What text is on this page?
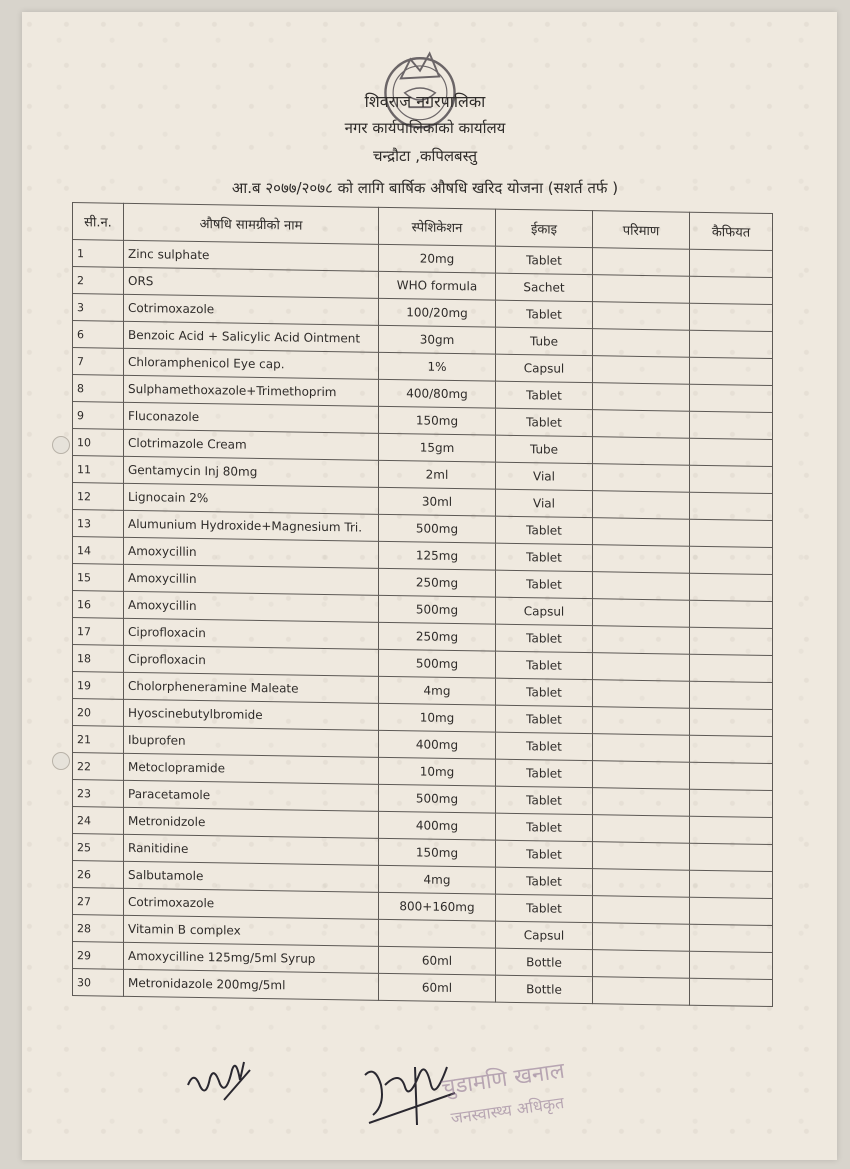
शिवराज नगरपालिका
नगर कार्यपालिकाको कार्यालय
चन्द्रौटा ,कपिलबस्तु
आ.ब २०७७/२०७८ को लागि बार्षिक औषधि खरिद योजना (सशर्त तर्फ )
सी.न.	औषधि सामग्रीको नाम	स्पेशिकेशन	ईकाइ	परिमाण	कैफियत
1	Zinc sulphate	20mg	Tablet		
2	ORS	WHO formula	Sachet		
3	Cotrimoxazole	100/20mg	Tablet		
6	Benzoic Acid + Salicylic Acid Ointment	30gm	Tube		
7	Chloramphenicol Eye cap.	1%	Capsul		
8	Sulphamethoxazole+Trimethoprim	400/80mg	Tablet		
9	Fluconazole	150mg	Tablet		
10	Clotrimazole Cream	15gm	Tube		
11	Gentamycin Inj 80mg	2ml	Vial		
12	Lignocain 2%	30ml	Vial		
13	Alumunium Hydroxide+Magnesium Tri.	500mg	Tablet		
14	Amoxycillin	125mg	Tablet		
15	Amoxycillin	250mg	Tablet		
16	Amoxycillin	500mg	Capsul		
17	Ciprofloxacin	250mg	Tablet		
18	Ciprofloxacin	500mg	Tablet		
19	Cholorpheneramine Maleate	4mg	Tablet		
20	Hyoscinebutylbromide	10mg	Tablet		
21	Ibuprofen	400mg	Tablet		
22	Metoclopramide	10mg	Tablet		
23	Paracetamole	500mg	Tablet		
24	Metronidzole	400mg	Tablet		
25	Ranitidine	150mg	Tablet		
26	Salbutamole	4mg	Tablet		
27	Cotrimoxazole	800+160mg	Tablet		
28	Vitamin B complex		Capsul		
29	Amoxycilline 125mg/5ml Syrup	60ml	Bottle		
30	Metronidazole 200mg/5ml	60ml	Bottle		
चुडामणि खनाल
जनस्वास्थ्य अधिकृत
